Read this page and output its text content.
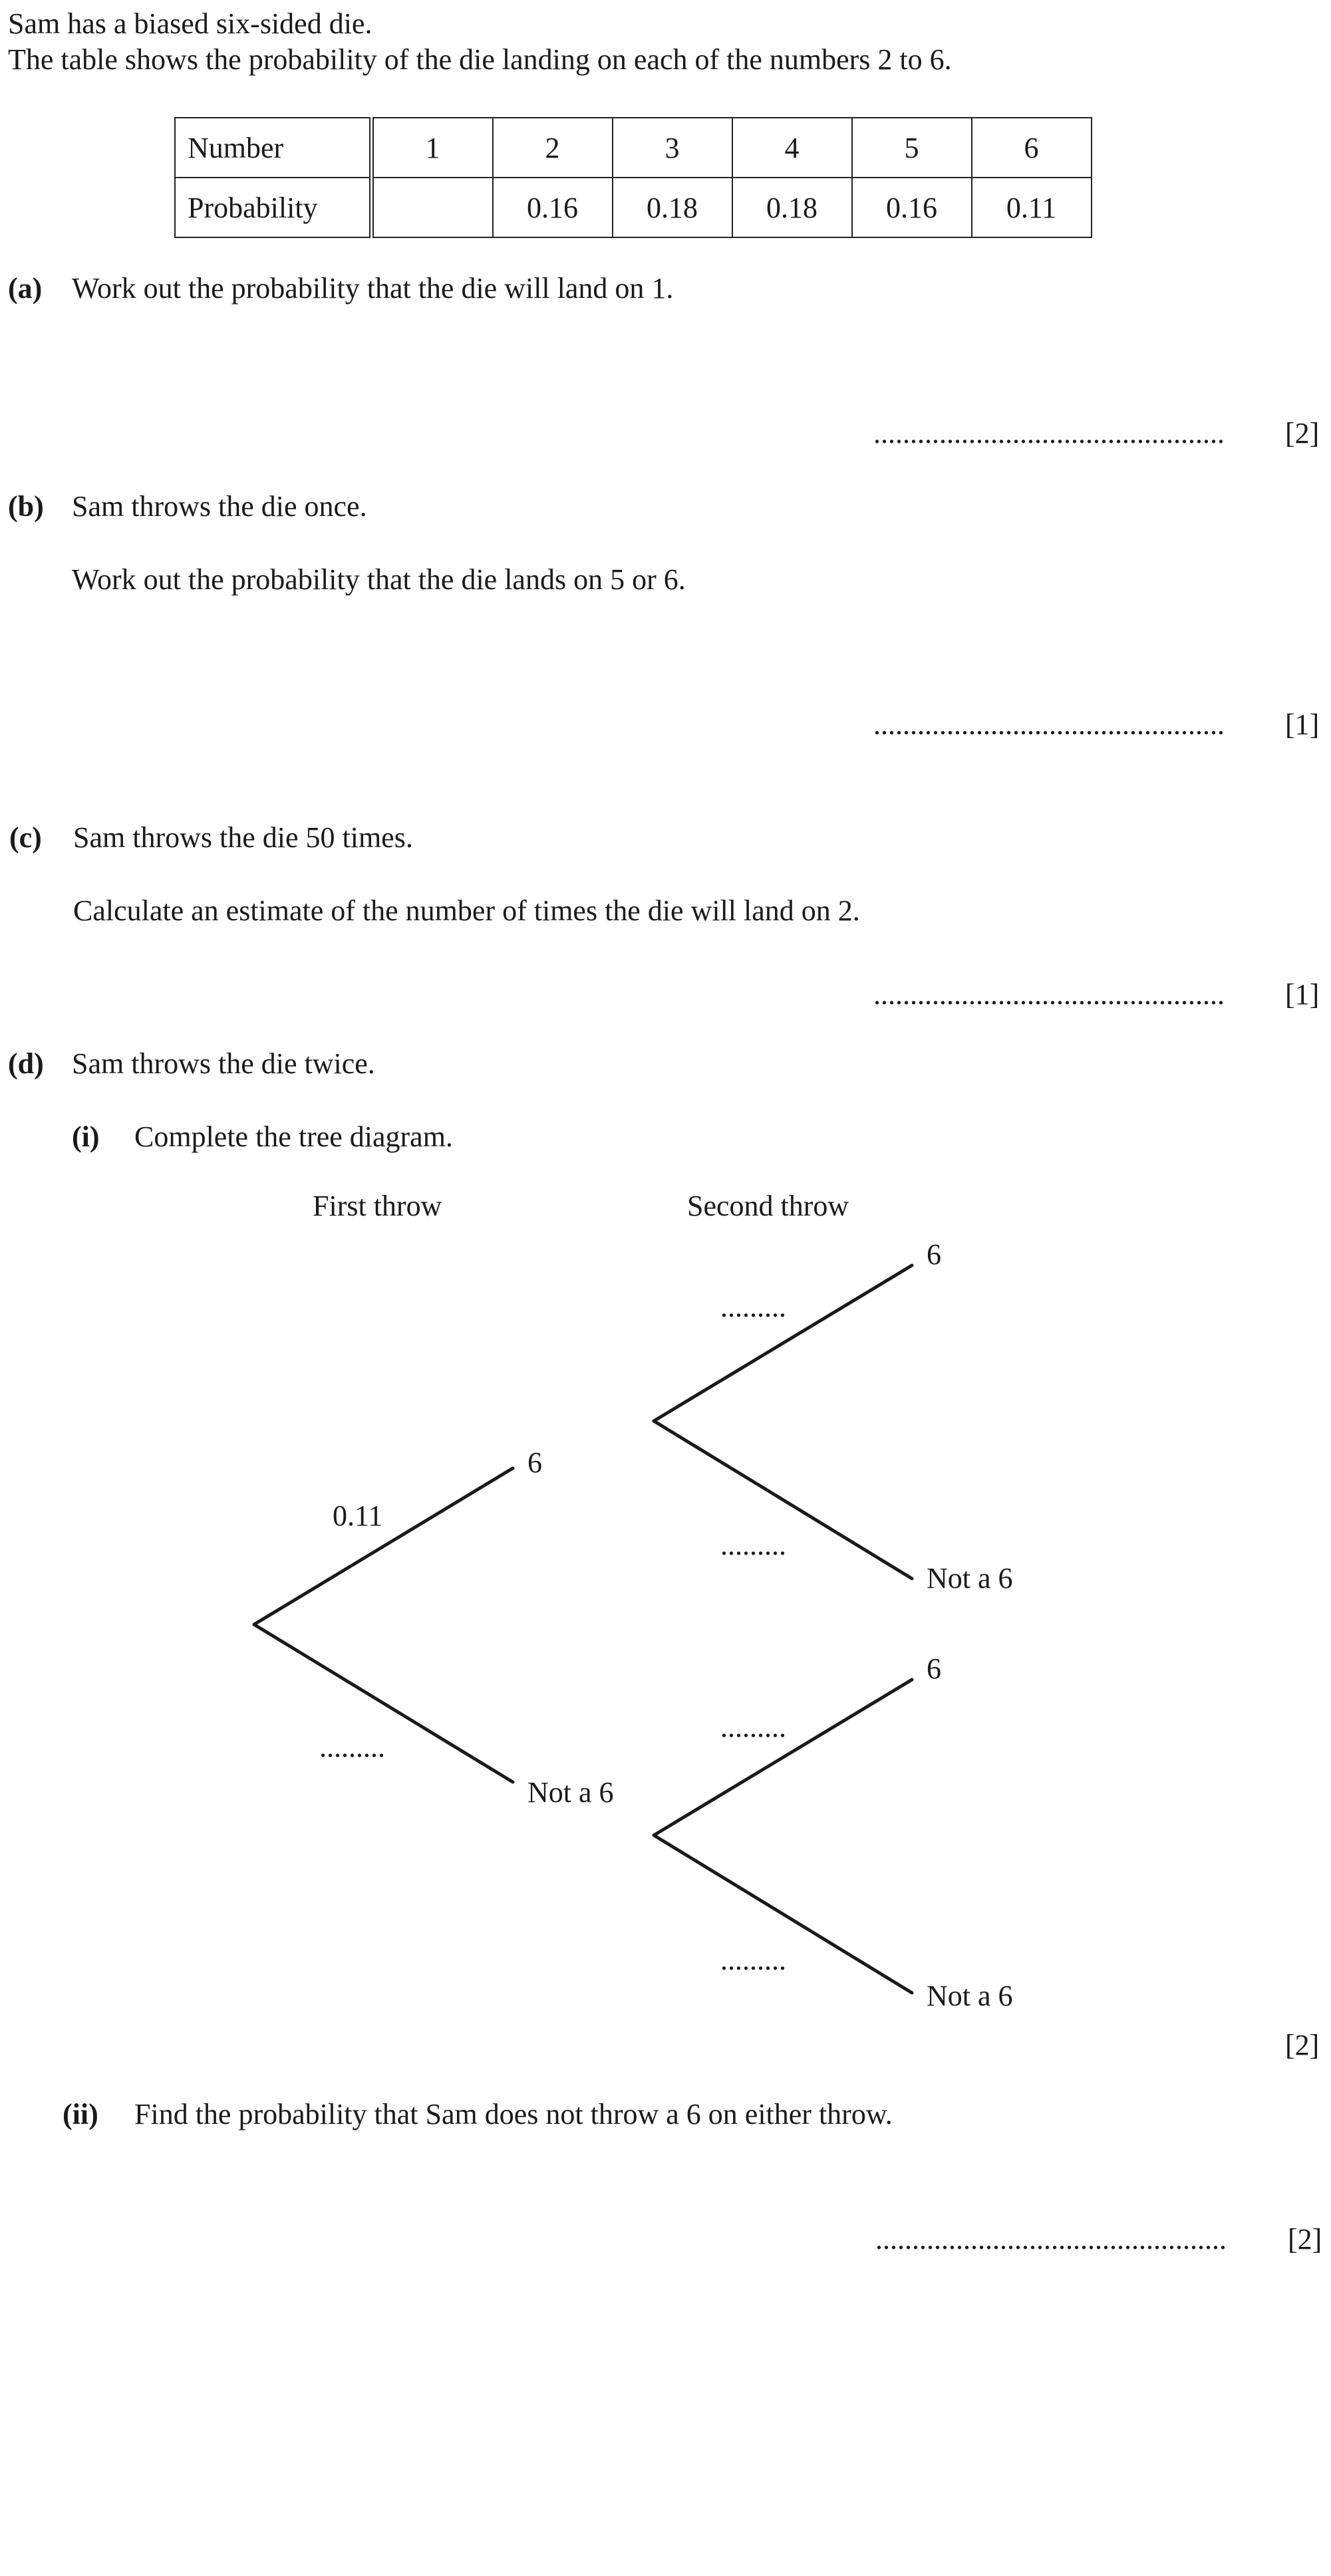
Sam has a biased six-sided die.
The table shows the probability of the die landing on each of the numbers 2 to 6.
Number	1	2	3	4	5	6
Probability		0.16	0.18	0.18	0.16	0.11
(a) Work out the probability that the die will land on 1.
................................................ [2]
(b) Sam throws the die once.
Work out the probability that the die lands on 5 or 6.
................................................ [1]
(c) Sam throws the die 50 times.
Calculate an estimate of the number of times the die will land on 2.
................................................ [1]
(d) Sam throws the die twice.
(i) Complete the tree diagram.
First throw	Second throw
0.11
.........
6
Not a 6
.........
.........
6
Not a 6
.........
.........
6
Not a 6
[2]
(ii) Find the probability that Sam does not throw a 6 on either throw.
................................................ [2]
